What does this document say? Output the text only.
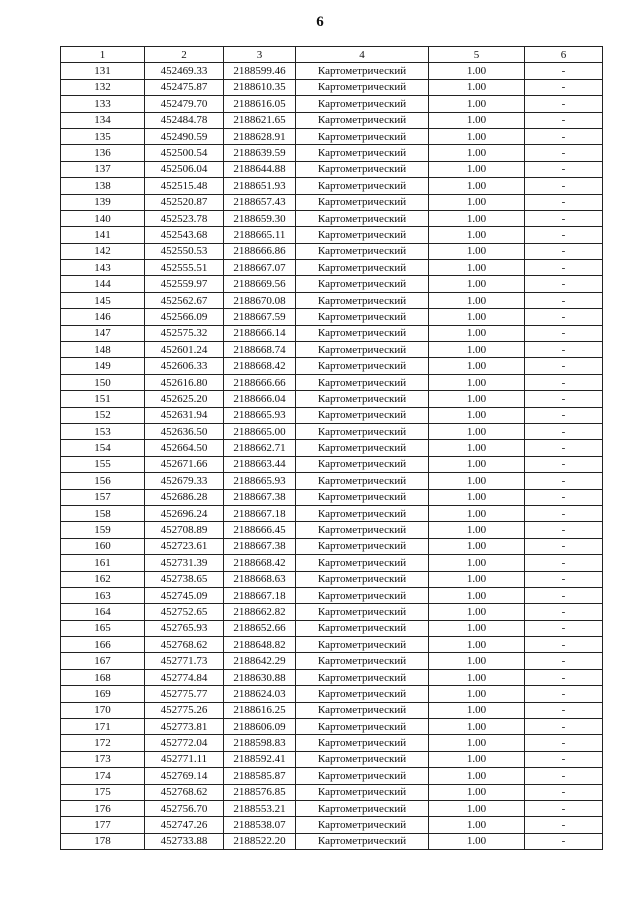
6
1	2	3	4	5	6
131	452469.33	2188599.46	Картометрический	1.00	-
132	452475.87	2188610.35	Картометрический	1.00	-
133	452479.70	2188616.05	Картометрический	1.00	-
134	452484.78	2188621.65	Картометрический	1.00	-
135	452490.59	2188628.91	Картометрический	1.00	-
136	452500.54	2188639.59	Картометрический	1.00	-
137	452506.04	2188644.88	Картометрический	1.00	-
138	452515.48	2188651.93	Картометрический	1.00	-
139	452520.87	2188657.43	Картометрический	1.00	-
140	452523.78	2188659.30	Картометрический	1.00	-
141	452543.68	2188665.11	Картометрический	1.00	-
142	452550.53	2188666.86	Картометрический	1.00	-
143	452555.51	2188667.07	Картометрический	1.00	-
144	452559.97	2188669.56	Картометрический	1.00	-
145	452562.67	2188670.08	Картометрический	1.00	-
146	452566.09	2188667.59	Картометрический	1.00	-
147	452575.32	2188666.14	Картометрический	1.00	-
148	452601.24	2188668.74	Картометрический	1.00	-
149	452606.33	2188668.42	Картометрический	1.00	-
150	452616.80	2188666.66	Картометрический	1.00	-
151	452625.20	2188666.04	Картометрический	1.00	-
152	452631.94	2188665.93	Картометрический	1.00	-
153	452636.50	2188665.00	Картометрический	1.00	-
154	452664.50	2188662.71	Картометрический	1.00	-
155	452671.66	2188663.44	Картометрический	1.00	-
156	452679.33	2188665.93	Картометрический	1.00	-
157	452686.28	2188667.38	Картометрический	1.00	-
158	452696.24	2188667.18	Картометрический	1.00	-
159	452708.89	2188666.45	Картометрический	1.00	-
160	452723.61	2188667.38	Картометрический	1.00	-
161	452731.39	2188668.42	Картометрический	1.00	-
162	452738.65	2188668.63	Картометрический	1.00	-
163	452745.09	2188667.18	Картометрический	1.00	-
164	452752.65	2188662.82	Картометрический	1.00	-
165	452765.93	2188652.66	Картометрический	1.00	-
166	452768.62	2188648.82	Картометрический	1.00	-
167	452771.73	2188642.29	Картометрический	1.00	-
168	452774.84	2188630.88	Картометрический	1.00	-
169	452775.77	2188624.03	Картометрический	1.00	-
170	452775.26	2188616.25	Картометрический	1.00	-
171	452773.81	2188606.09	Картометрический	1.00	-
172	452772.04	2188598.83	Картометрический	1.00	-
173	452771.11	2188592.41	Картометрический	1.00	-
174	452769.14	2188585.87	Картометрический	1.00	-
175	452768.62	2188576.85	Картометрический	1.00	-
176	452756.70	2188553.21	Картометрический	1.00	-
177	452747.26	2188538.07	Картометрический	1.00	-
178	452733.88	2188522.20	Картометрический	1.00	-
